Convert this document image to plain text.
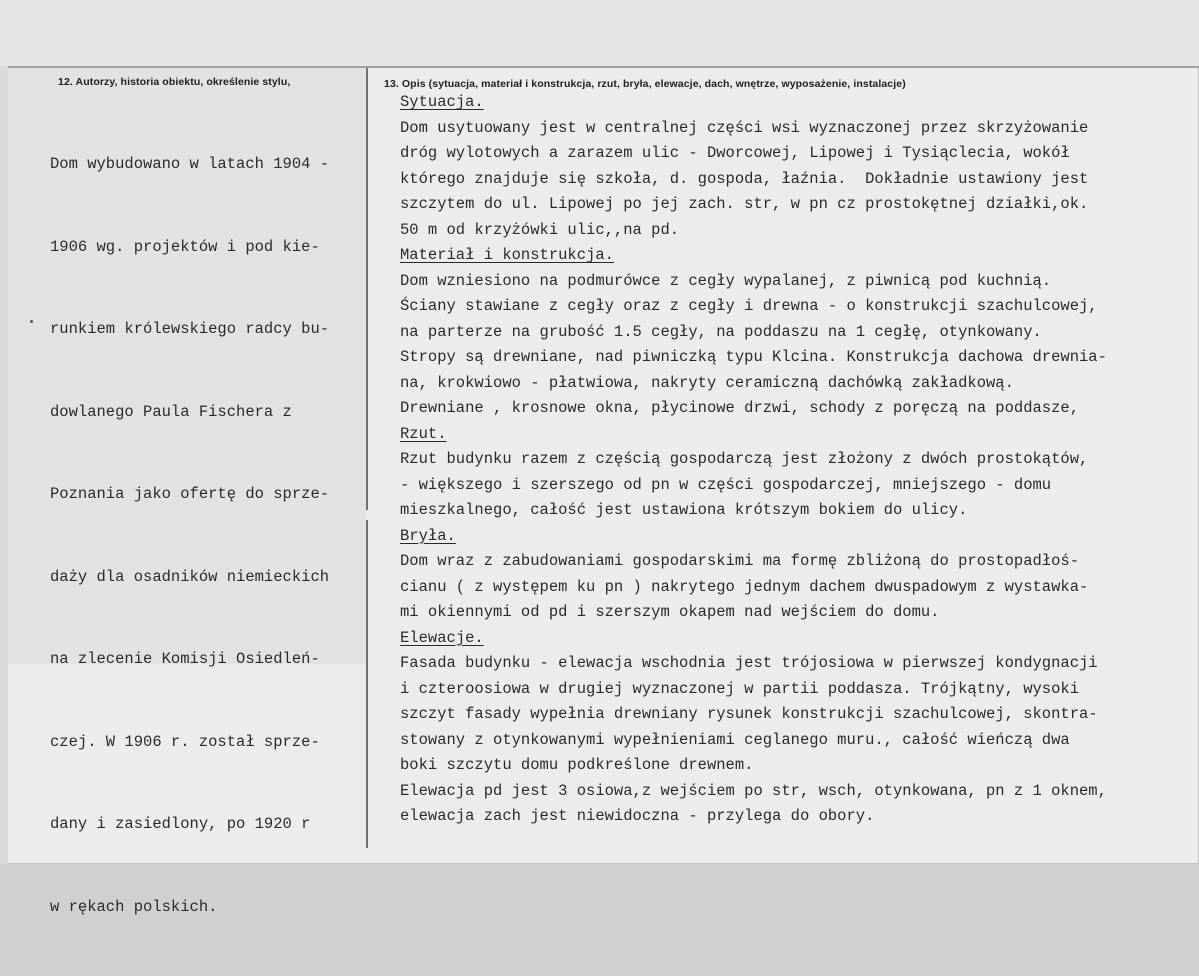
12. Autorzy, historia obiektu, określenie stylu,	13. Opis (sytuacja, materiał i konstrukcja, rzut, bryła, elewacje, dach, wnętrze, wyposażenie, instalacje)

Dom wybudowano w latach 1904 -

1906 wg. projektów i pod kie-

runkiem królewskiego radcy bu-

dowlanego Paula Fischera z

Poznania jako ofertę do sprze-

daży dla osadników niemieckich

na zlecenie Komisji Osiedleń-

czej. W 1906 r. został sprze-

dany i zasiedlony, po 1920 r

w rękach polskich.

Sytuacja.
Dom usytuowany jest w centralnej części wsi wyznaczonej przez skrzyżowanie
dróg wylotowych a zarazem ulic - Dworcowej, Lipowej i Tysiąclecia, wokół
którego znajduje się szkoła, d. gospoda, łaźnia.  Dokładnie ustawiony jest
szczytem do ul. Lipowej po jej zach. str, w pn cz prostokętnej działki,ok.
50 m od krzyżówki ulic,,na pd.
Materiał i konstrukcja.
Dom wzniesiono na podmurówce z cegły wypalanej, z piwnicą pod kuchnią.
Ściany stawiane z cegły oraz z cegły i drewna - o konstrukcji szachulcowej,
na parterze na grubość 1.5 cegły, na poddaszu na 1 cegłę, otynkowany.
Stropy są drewniane, nad piwniczką typu Klcina. Konstrukcja dachowa drewnia-
na, krokwiowo - płatwiowa, nakryty ceramiczną dachówką zakładkową.
Drewniane , krosnowe okna, płycinowe drzwi, schody z poręczą na poddasze,
Rzut.
Rzut budynku razem z częścią gospodarczą jest złożony z dwóch prostokątów,
- większego i szerszego od pn w części gospodarczej, mniejszego - domu
mieszkalnego, całość jest ustawiona krótszym bokiem do ulicy.
Bryła.
Dom wraz z zabudowaniami gospodarskimi ma formę zbliżoną do prostopadłoś-
cianu ( z występem ku pn ) nakrytego jednym dachem dwuspadowym z wystawka-
mi okiennymi od pd i szerszym okapem nad wejściem do domu.
Elewacje.
Fasada budynku - elewacja wschodnia jest trójosiowa w pierwszej kondygnacji
i czteroosiowa w drugiej wyznaczonej w partii poddasza. Trójkątny, wysoki
szczyt fasady wypełnia drewniany rysunek konstrukcji szachulcowej, skontra-
stowany z otynkowanymi wypełnieniami ceglanego muru., całość wieńczą dwa
boki szczytu domu podkreślone drewnem.
Elewacja pd jest 3 osiowa,z wejściem po str, wsch, otynkowana, pn z 1 oknem,
elewacja zach jest niewidoczna - przylega do obory.
